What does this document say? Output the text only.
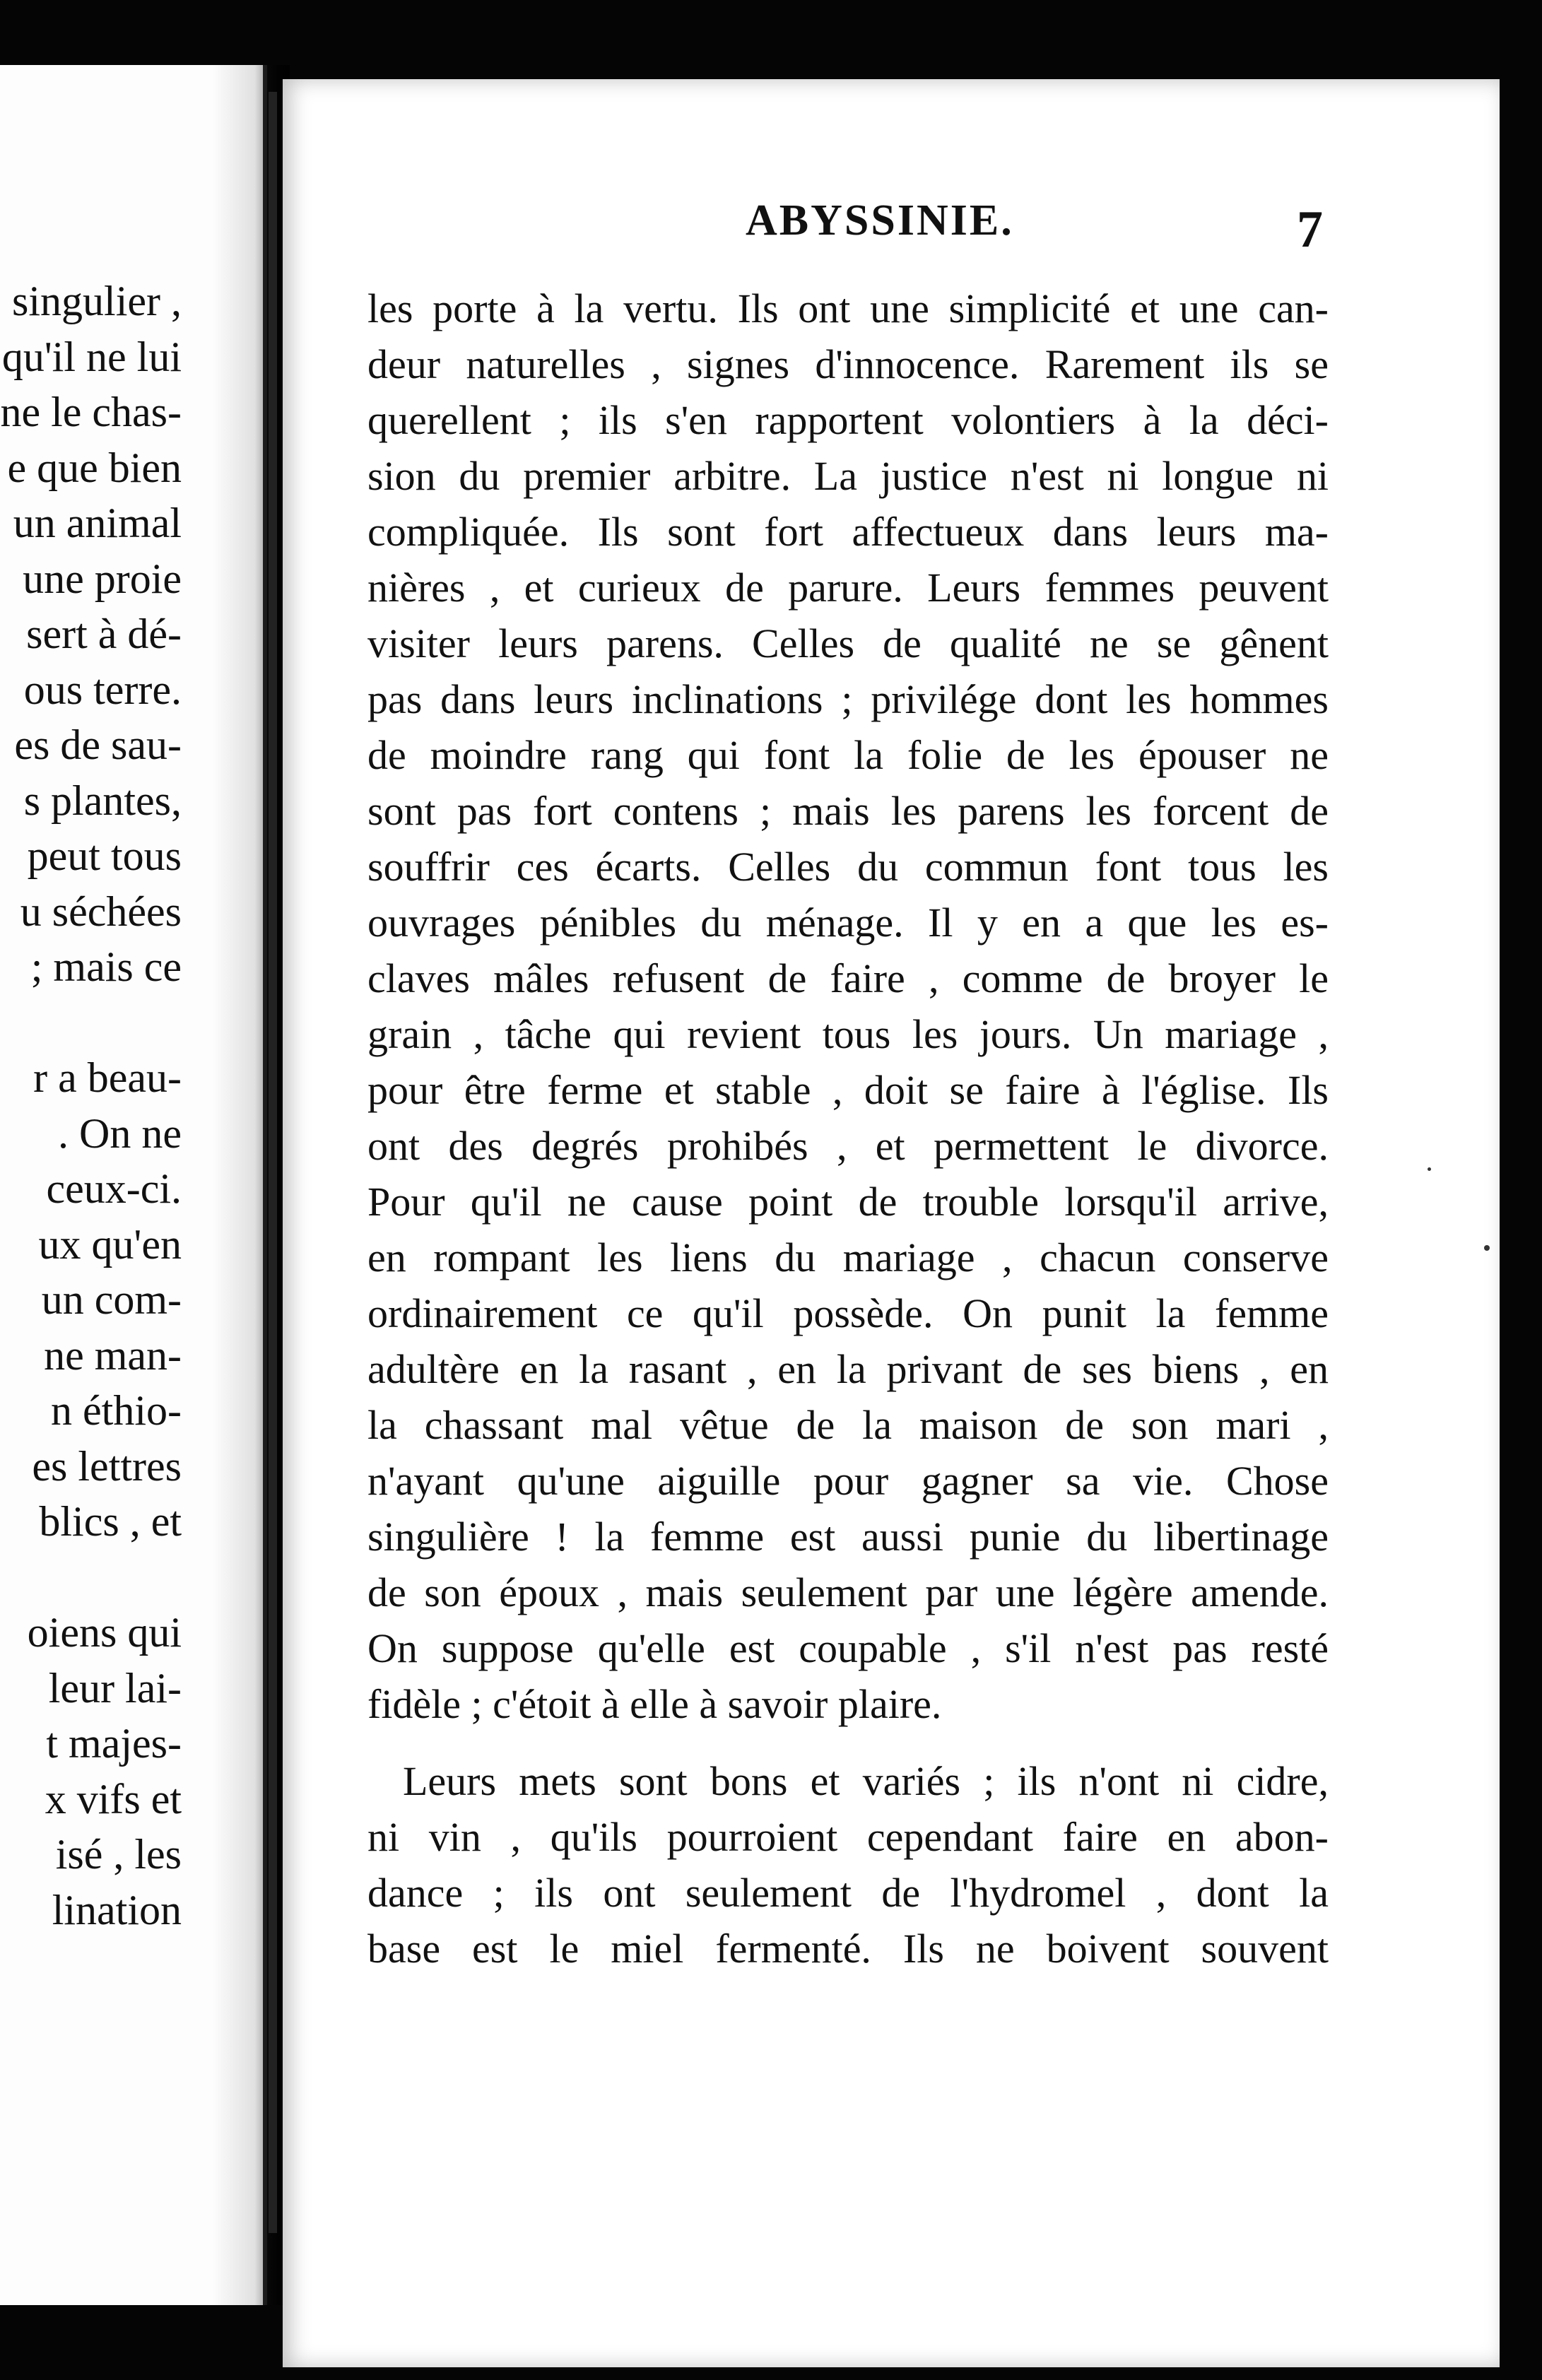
singulier ,
qu'il ne lui
ne le chas-
e que bien
un animal
une proie
sert à dé-
ous terre.
es de sau-
s plantes,
peut tous
u séchées
; mais ce
r a beau-
. On ne
ceux-ci.
ux qu'en
un com-
ne man-
n éthio-
es lettres
blics , et
oiens qui
leur lai-
t majes-
x vifs et
isé , les
lination
ABYSSINIE.	7
les porte à la vertu. Ils ont une simplicité et une can-
deur naturelles , signes d'innocence. Rarement ils se
querellent ; ils s'en rapportent volontiers à la déci-
sion du premier arbitre. La justice n'est ni longue ni
compliquée. Ils sont fort affectueux dans leurs ma-
nières , et curieux de parure. Leurs femmes peuvent
visiter leurs parens. Celles de qualité ne se gênent
pas dans leurs inclinations ; privilége dont les hommes
de moindre rang qui font la folie de les épouser ne
sont pas fort contens ; mais les parens les forcent de
souffrir ces écarts. Celles du commun font tous les
ouvrages pénibles du ménage. Il y en a que les es-
claves mâles refusent de faire , comme de broyer le
grain , tâche qui revient tous les jours. Un mariage ,
pour être ferme et stable , doit se faire à l'église. Ils
ont des degrés prohibés , et permettent le divorce.
Pour qu'il ne cause point de trouble lorsqu'il arrive,
en rompant les liens du mariage , chacun conserve
ordinairement ce qu'il possède. On punit la femme
adultère en la rasant , en la privant de ses biens , en
la chassant mal vêtue de la maison de son mari ,
n'ayant qu'une aiguille pour gagner sa vie. Chose
singulière ! la femme est aussi punie du libertinage
de son époux , mais seulement par une légère amende.
On suppose qu'elle est coupable , s'il n'est pas resté
fidèle ; c'étoit à elle à savoir plaire.
Leurs mets sont bons et variés ; ils n'ont ni cidre,
ni vin , qu'ils pourroient cependant faire en abon-
dance ; ils ont seulement de l'hydromel , dont la
base est le miel fermenté. Ils ne boivent souvent
